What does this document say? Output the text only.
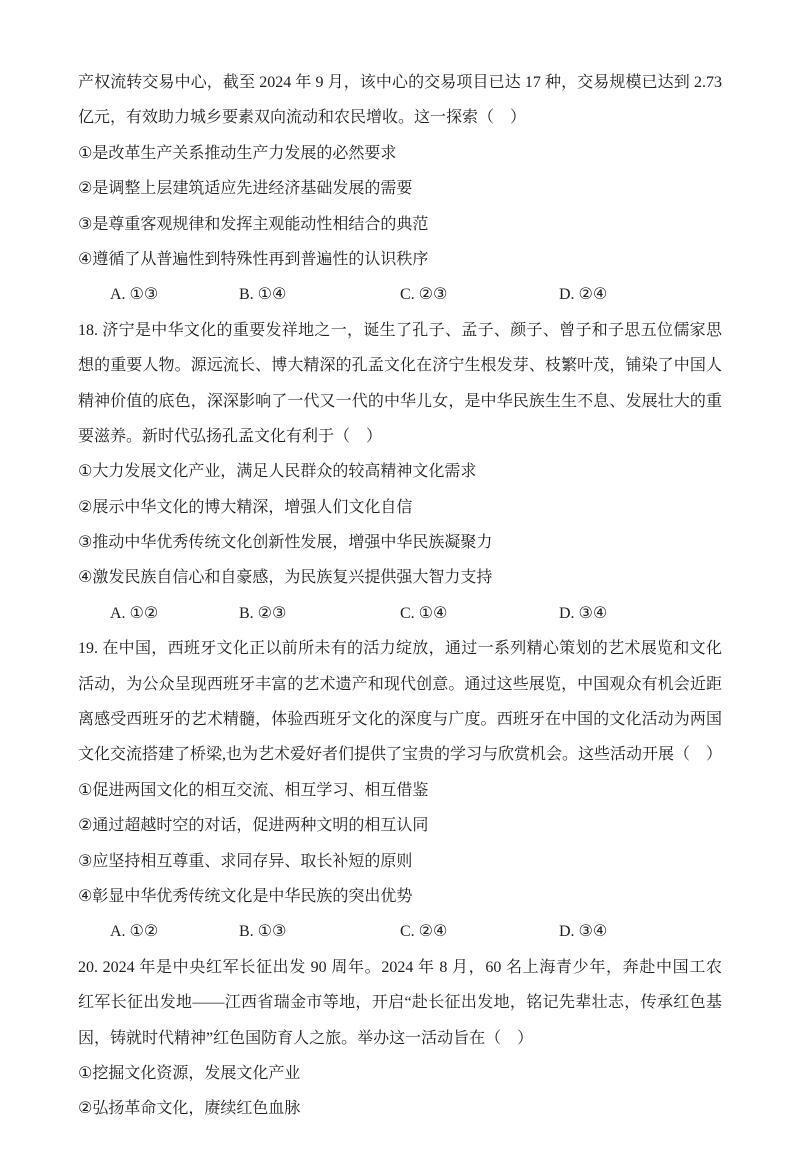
产权流转交易中心，截至 2024 年 9 月，该中心的交易项目已达 17 种，交易规模已达到 2.73
亿元，有效助力城乡要素双向流动和农民增收。这一探索（　）
①是改革生产关系推动生产力发展的必然要求
②是调整上层建筑适应先进经济基础发展的需要
③是尊重客观规律和发挥主观能动性相结合的典范
④遵循了从普遍性到特殊性再到普遍性的认识秩序
A. ①③	B. ①④	C. ②③	D. ②④
18. 济宁是中华文化的重要发祥地之一，诞生了孔子、孟子、颜子、曾子和子思五位儒家思
想的重要人物。源远流长、博大精深的孔孟文化在济宁生根发芽、枝繁叶茂，铺染了中国人
精神价值的底色，深深影响了一代又一代的中华儿女，是中华民族生生不息、发展壮大的重
要滋养。新时代弘扬孔孟文化有利于（　）
①大力发展文化产业，满足人民群众的较高精神文化需求
②展示中华文化的博大精深，增强人们文化自信
③推动中华优秀传统文化创新性发展，增强中华民族凝聚力
④激发民族自信心和自豪感，为民族复兴提供强大智力支持
A. ①②	B. ②③	C. ①④	D. ③④
19. 在中国，西班牙文化正以前所未有的活力绽放，通过一系列精心策划的艺术展览和文化
活动，为公众呈现西班牙丰富的艺术遗产和现代创意。通过这些展览，中国观众有机会近距
离感受西班牙的艺术精髓，体验西班牙文化的深度与广度。西班牙在中国的文化活动为两国
文化交流搭建了桥梁,也为艺术爱好者们提供了宝贵的学习与欣赏机会。这些活动开展（　）
①促进两国文化的相互交流、相互学习、相互借鉴
②通过超越时空的对话，促进两种文明的相互认同
③应坚持相互尊重、求同存异、取长补短的原则
④彰显中华优秀传统文化是中华民族的突出优势
A. ①②	B. ①③	C. ②④	D. ③④
20. 2024 年是中央红军长征出发 90 周年。2024 年 8 月，60 名上海青少年，奔赴中国工农
红军长征出发地——江西省瑞金市等地，开启“赴长征出发地，铭记先辈壮志，传承红色基
因，铸就时代精神”红色国防育人之旅。举办这一活动旨在（　）
①挖掘文化资源，发展文化产业
②弘扬革命文化，赓续红色血脉
